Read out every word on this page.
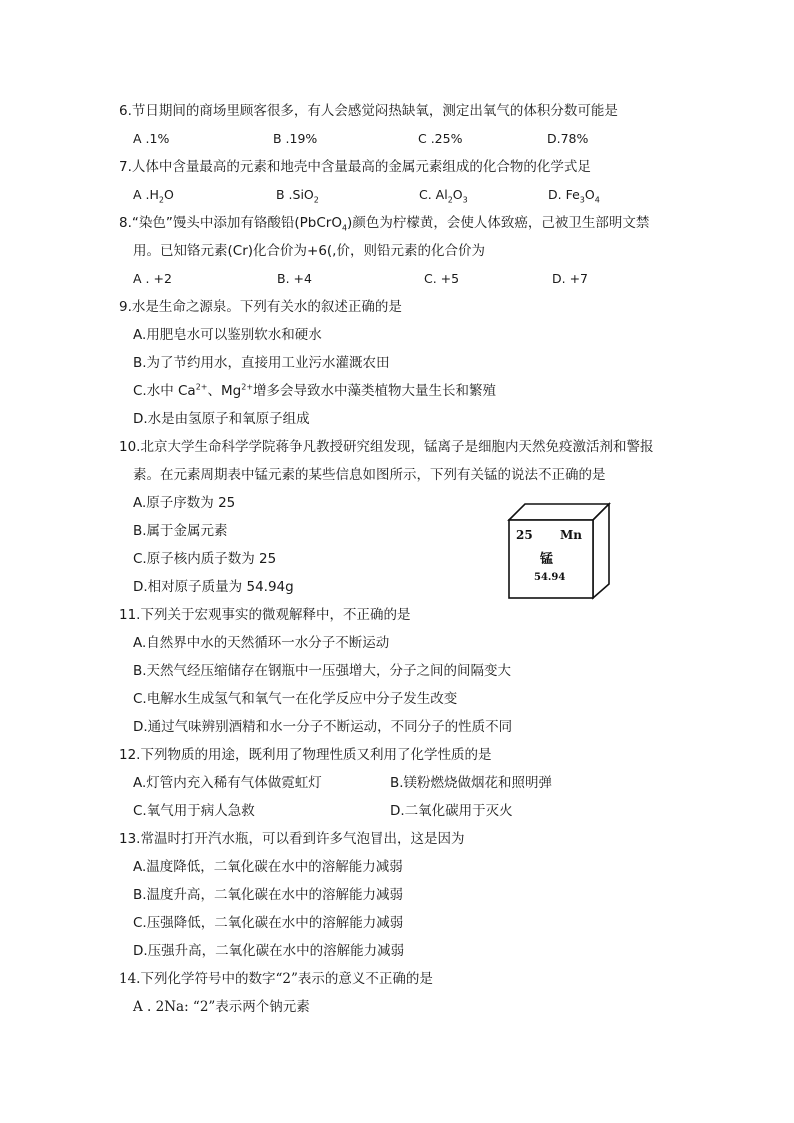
6.节日期间的商场里顾客很多，有人会感觉闷热缺氧，测定出氧气的体积分数可能是
A .1%	B .19%	C .25%	D.78%
7.人体中含量最高的元素和地壳中含量最高的金属元素组成的化合物的化学式足
A $.H_2O$	B .SiO$_2$	C. $Al_2O_3$	D. $Fe_3O_4$
8.“染色”馒头中添加有铬酸铅(PbCrO$_4$)颜色为柠檬黄，会使人体致癌，己被卫生部明文禁
用。已知铬元素(Cr)化合价为+6(,价，则铅元素的化合价为
A . +2	B. +4	C. +5	D. +7
9.水是生命之源泉。下列有关水的叙述正确的是
A.用肥皂水可以鉴别软水和硬水
B.为了节约用水，直接用工业污水灌溉农田
C.水中 $Ca^{2+}$、$Mg^{2+}$增多会导致水中藻类植物大量生长和繁殖
D.水是由氢原子和氧原子组成
10.北京大学生命科学学院蒋争凡教授研究组发现，锰离子是细胞内天然免疫激活剂和警报
素。在元素周期表中锰元素的某些信息如图所示，下列有关锰的说法不正确的是
A.原子序数为 25
B.属于金属元素
C.原子核内质子数为 25
D.相对原子质量为 54.94g
25 Mn
锰
54.94
11.下列关于宏观事实的微观解释中，不正确的是
A.自然界中水的天然循环一水分子不断运动
B.天然气经压缩储存在钢瓶中一压强增大，分子之间的间隔变大
C.电解水生成氢气和氧气一在化学反应中分子发生改变
D.通过气味辨别酒精和水一分子不断运动，不同分子的性质不同
12.下列物质的用途，既利用了物理性质又利用了化学性质的是
A.灯管内充入稀有气体做霓虹灯	B.镁粉燃烧做烟花和照明弹
C.氧气用于病人急救	D.二氧化碳用于灭火
13.常温时打开汽水瓶，可以看到许多气泡冒出，这是因为
A.温度降低，二氧化碳在水中的溶解能力减弱
B.温度升高，二氧化碳在水中的溶解能力减弱
C.压强降低，二氧化碳在水中的溶解能力减弱
D.压强升高，二氧化碳在水中的溶解能力减弱
14.下列化学符号中的数字“2”表示的意义不正确的是
A . 2Na: “2”表示两个钠元素
